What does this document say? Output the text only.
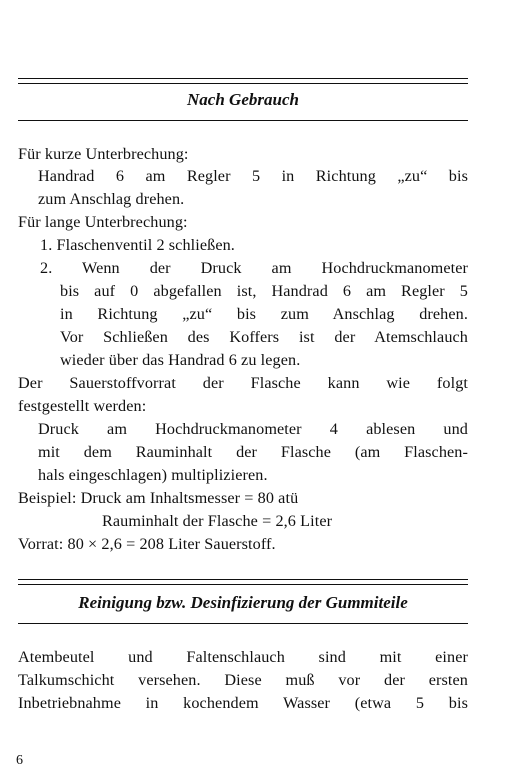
Nach Gebrauch
Für kurze Unterbrechung:
Handrad 6 am Regler 5 in Richtung „zu“ bis
zum Anschlag drehen.
Für lange Unterbrechung:
1. Flaschenventil 2 schließen.
2. Wenn der Druck am Hochdruckmanometer
bis auf 0 abgefallen ist, Handrad 6 am Regler 5
in Richtung „zu“ bis zum Anschlag drehen.
Vor Schließen des Koffers ist der Atemschlauch
wieder über das Handrad 6 zu legen.
Der Sauerstoffvorrat der Flasche kann wie folgt
festgestellt werden:
Druck am Hochdruckmanometer 4 ablesen und
mit dem Rauminhalt der Flasche (am Flaschen-
hals eingeschlagen) multiplizieren.
Beispiel: Druck am Inhaltsmesser = 80 atü
Rauminhalt der Flasche = 2,6 Liter
Vorrat: 80 × 2,6 = 208 Liter Sauerstoff.
Reinigung bzw. Desinfizierung der Gummiteile
Atembeutel und Faltenschlauch sind mit einer
Talkumschicht versehen. Diese muß vor der ersten
Inbetriebnahme in kochendem Wasser (etwa 5 bis
6
